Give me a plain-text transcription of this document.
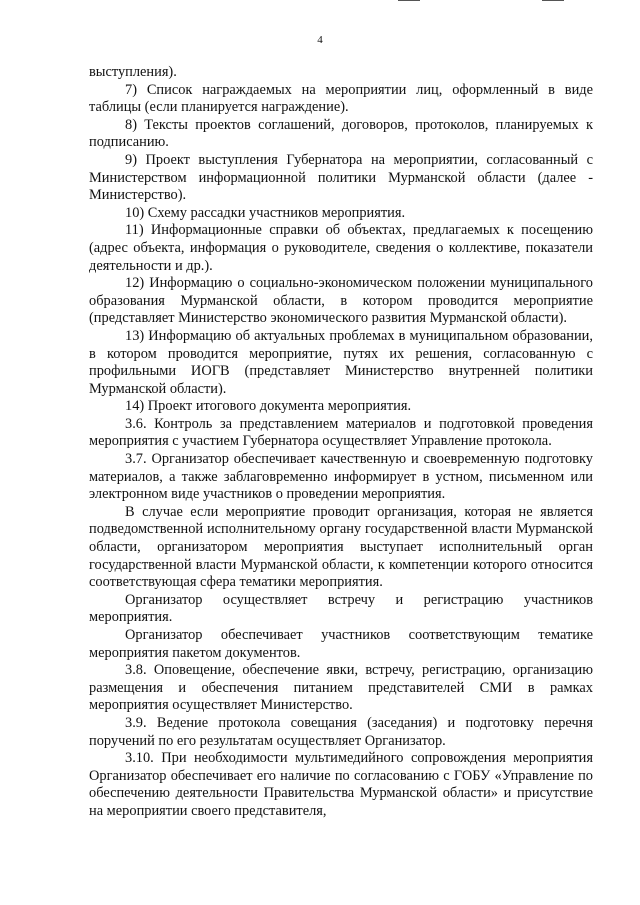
4

выступления).

7) Список награждаемых на мероприятии лиц, оформленный в виде таблицы (если планируется награждение).

8) Тексты проектов соглашений, договоров, протоколов, планируемых к подписанию.

9) Проект выступления Губернатора на мероприятии, согласованный с Министерством информационной политики Мурманской области (далее - Министерство).

10) Схему рассадки участников мероприятия.

11) Информационные справки об объектах, предлагаемых к посещению (адрес объекта, информация о руководителе, сведения о коллективе, показатели деятельности и др.).

12) Информацию о социально-экономическом положении муниципального образования Мурманской области, в котором проводится мероприятие (представляет Министерство экономического развития Мурманской области).

13) Информацию об актуальных проблемах в муниципальном образовании, в котором проводится мероприятие, путях их решения, согласованную с профильными ИОГВ (представляет Министерство внутренней политики Мурманской области).

14) Проект итогового документа мероприятия.

3.6. Контроль за представлением материалов и подготовкой проведения мероприятия с участием Губернатора осуществляет Управление протокола.

3.7. Организатор обеспечивает качественную и своевременную подготовку материалов, а также заблаговременно информирует в устном, письменном или электронном виде участников о проведении мероприятия.

В случае если мероприятие проводит организация, которая не является подведомственной исполнительному органу государственной власти Мурманской области, организатором мероприятия выступает исполнительный орган государственной власти Мурманской области, к компетенции которого относится соответствующая сфера тематики мероприятия.

Организатор осуществляет встречу и регистрацию участников мероприятия.

Организатор обеспечивает участников соответствующим тематике мероприятия пакетом документов.

3.8. Оповещение, обеспечение явки, встречу, регистрацию, организацию размещения и обеспечения питанием представителей СМИ в рамках мероприятия осуществляет Министерство.

3.9. Ведение протокола совещания (заседания) и подготовку перечня поручений по его результатам осуществляет Организатор.

3.10. При необходимости мультимедийного сопровождения мероприятия Организатор обеспечивает его наличие по согласованию с ГОБУ «Управление по обеспечению деятельности Правительства Мурманской области» и присутствие на мероприятии своего представителя,
